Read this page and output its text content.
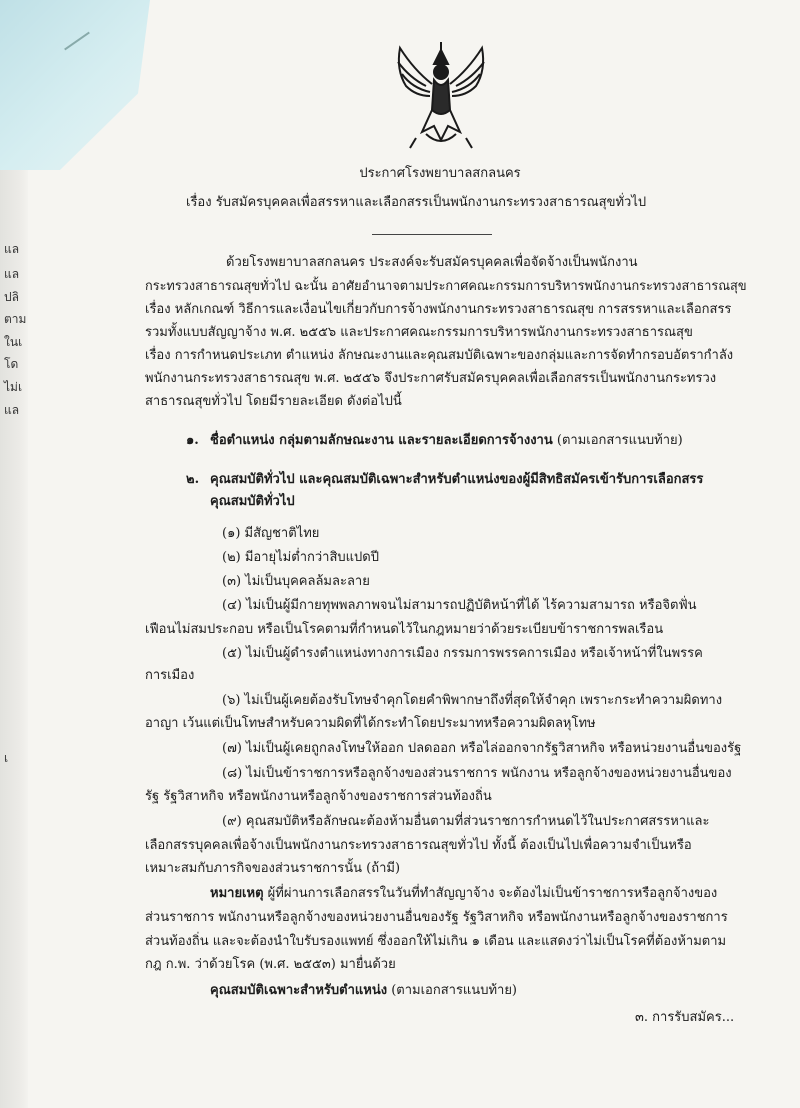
แล
แล
ปลิ
ตาม
ในเ
โด
ไม่เ
แล
เ
ประกาศโรงพยาบาลสกลนคร
เรื่อง รับสมัครบุคคลเพื่อสรรหาและเลือกสรรเป็นพนักงานกระทรวงสาธารณสุขทั่วไป
ด้วยโรงพยาบาลสกลนคร ประสงค์จะรับสมัครบุคคลเพื่อจัดจ้างเป็นพนักงาน
กระทรวงสาธารณสุขทั่วไป ฉะนั้น อาศัยอำนาจตามประกาศคณะกรรมการบริหารพนักงานกระทรวงสาธารณสุข
เรื่อง หลักเกณฑ์ วิธีการและเงื่อนไขเกี่ยวกับการจ้างพนักงานกระทรวงสาธารณสุข การสรรหาและเลือกสรร
รวมทั้งแบบสัญญาจ้าง พ.ศ. ๒๕๕๖ และประกาศคณะกรรมการบริหารพนักงานกระทรวงสาธารณสุข
เรื่อง การกำหนดประเภท ตำแหน่ง ลักษณะงานและคุณสมบัติเฉพาะของกลุ่มและการจัดทำกรอบอัตรากำลัง
พนักงานกระทรวงสาธารณสุข พ.ศ. ๒๕๕๖ จึงประกาศรับสมัครบุคคลเพื่อเลือกสรรเป็นพนักงานกระทรวง
สาธารณสุขทั่วไป โดยมีรายละเอียด ดังต่อไปนี้
๑. ชื่อตำแหน่ง กลุ่มตามลักษณะงาน และรายละเอียดการจ้างงาน (ตามเอกสารแนบท้าย)
๒. คุณสมบัติทั่วไป และคุณสมบัติเฉพาะสำหรับตำแหน่งของผู้มีสิทธิสมัครเข้ารับการเลือกสรร
คุณสมบัติทั่วไป
(๑) มีสัญชาติไทย
(๒) มีอายุไม่ต่ำกว่าสิบแปดปี
(๓) ไม่เป็นบุคคลล้มละลาย
(๔) ไม่เป็นผู้มีกายทุพพลภาพจนไม่สามารถปฏิบัติหน้าที่ได้ ไร้ความสามารถ หรือจิตฟั่น
เฟือนไม่สมประกอบ หรือเป็นโรคตามที่กำหนดไว้ในกฎหมายว่าด้วยระเบียบข้าราชการพลเรือน
(๕) ไม่เป็นผู้ดำรงตำแหน่งทางการเมือง กรรมการพรรคการเมือง หรือเจ้าหน้าที่ในพรรค
การเมือง
(๖) ไม่เป็นผู้เคยต้องรับโทษจำคุกโดยคำพิพากษาถึงที่สุดให้จำคุก เพราะกระทำความผิดทาง
อาญา เว้นแต่เป็นโทษสำหรับความผิดที่ได้กระทำโดยประมาทหรือความผิดลหุโทษ
(๗) ไม่เป็นผู้เคยถูกลงโทษให้ออก ปลดออก หรือไล่ออกจากรัฐวิสาหกิจ หรือหน่วยงานอื่นของรัฐ
(๘) ไม่เป็นข้าราชการหรือลูกจ้างของส่วนราชการ พนักงาน หรือลูกจ้างของหน่วยงานอื่นของ
รัฐ รัฐวิสาหกิจ หรือพนักงานหรือลูกจ้างของราชการส่วนท้องถิ่น
(๙) คุณสมบัติหรือลักษณะต้องห้ามอื่นตามที่ส่วนราชการกำหนดไว้ในประกาศสรรหาและ
เลือกสรรบุคคลเพื่อจ้างเป็นพนักงานกระทรวงสาธารณสุขทั่วไป ทั้งนี้ ต้องเป็นไปเพื่อความจำเป็นหรือ
เหมาะสมกับภารกิจของส่วนราชการนั้น (ถ้ามี)
หมายเหตุ ผู้ที่ผ่านการเลือกสรรในวันที่ทำสัญญาจ้าง จะต้องไม่เป็นข้าราชการหรือลูกจ้างของ
ส่วนราชการ พนักงานหรือลูกจ้างของหน่วยงานอื่นของรัฐ รัฐวิสาหกิจ หรือพนักงานหรือลูกจ้างของราชการ
ส่วนท้องถิ่น และจะต้องนำใบรับรองแพทย์ ซึ่งออกให้ไม่เกิน ๑ เดือน และแสดงว่าไม่เป็นโรคที่ต้องห้ามตาม
กฎ ก.พ. ว่าด้วยโรค (พ.ศ. ๒๕๕๓) มายื่นด้วย
คุณสมบัติเฉพาะสำหรับตำแหน่ง (ตามเอกสารแนบท้าย)
๓. การรับสมัคร...
